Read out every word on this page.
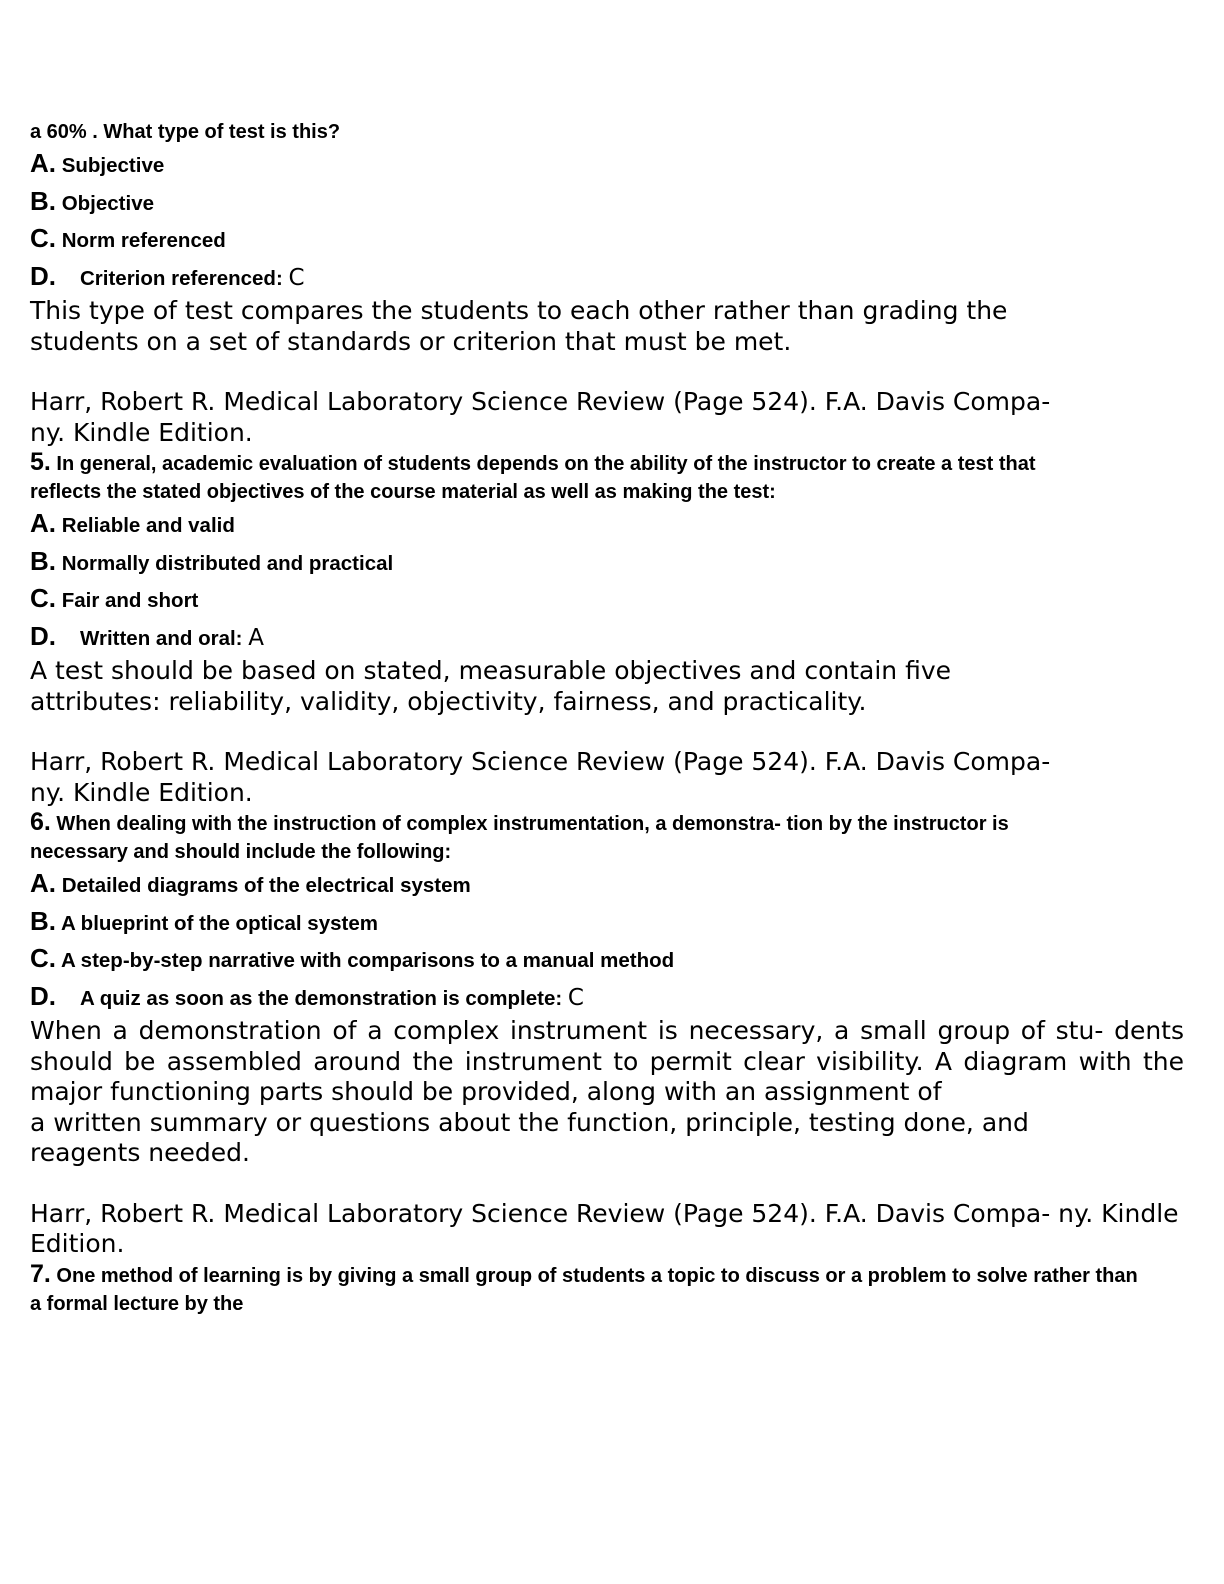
a 60% . What type of test is this?

A. Subjective

B. Objective

C. Norm referenced

D. Criterion referenced: C

This type of test compares the students to each other rather than grading the students on a set of standards or criterion that must be met.

Harr, Robert R. Medical Laboratory Science Review (Page 524). F.A. Davis Compa- ny. Kindle Edition.

5. In general, academic evaluation of students depends on the ability of the instructor to create a test that reflects the stated objectives of the course material as well as making the test:

A. Reliable and valid

B. Normally distributed and practical

C. Fair and short

D. Written and oral: A

A test should be based on stated, measurable objectives and contain five attributes: reliability, validity, objectivity, fairness, and practicality.

Harr, Robert R. Medical Laboratory Science Review (Page 524). F.A. Davis Compa- ny. Kindle Edition.

6. When dealing with the instruction of complex instrumentation, a demonstra- tion by the instructor is necessary and should include the following:

A. Detailed diagrams of the electrical system

B. A blueprint of the optical system

C. A step-by-step narrative with comparisons to a manual method

D. A quiz as soon as the demonstration is complete: C

When a demonstration of a complex instrument is necessary, a small group of stu- dents should be assembled around the instrument to permit clear visibility. A diagram with the major functioning parts should be provided, along with an assignment of

a written summary or questions about the function, principle, testing done, and reagents needed.

Harr, Robert R. Medical Laboratory Science Review (Page 524). F.A. Davis Compa- ny. Kindle Edition.

7. One method of learning is by giving a small group of students a topic to discuss or a problem to solve rather than a formal lecture by the
